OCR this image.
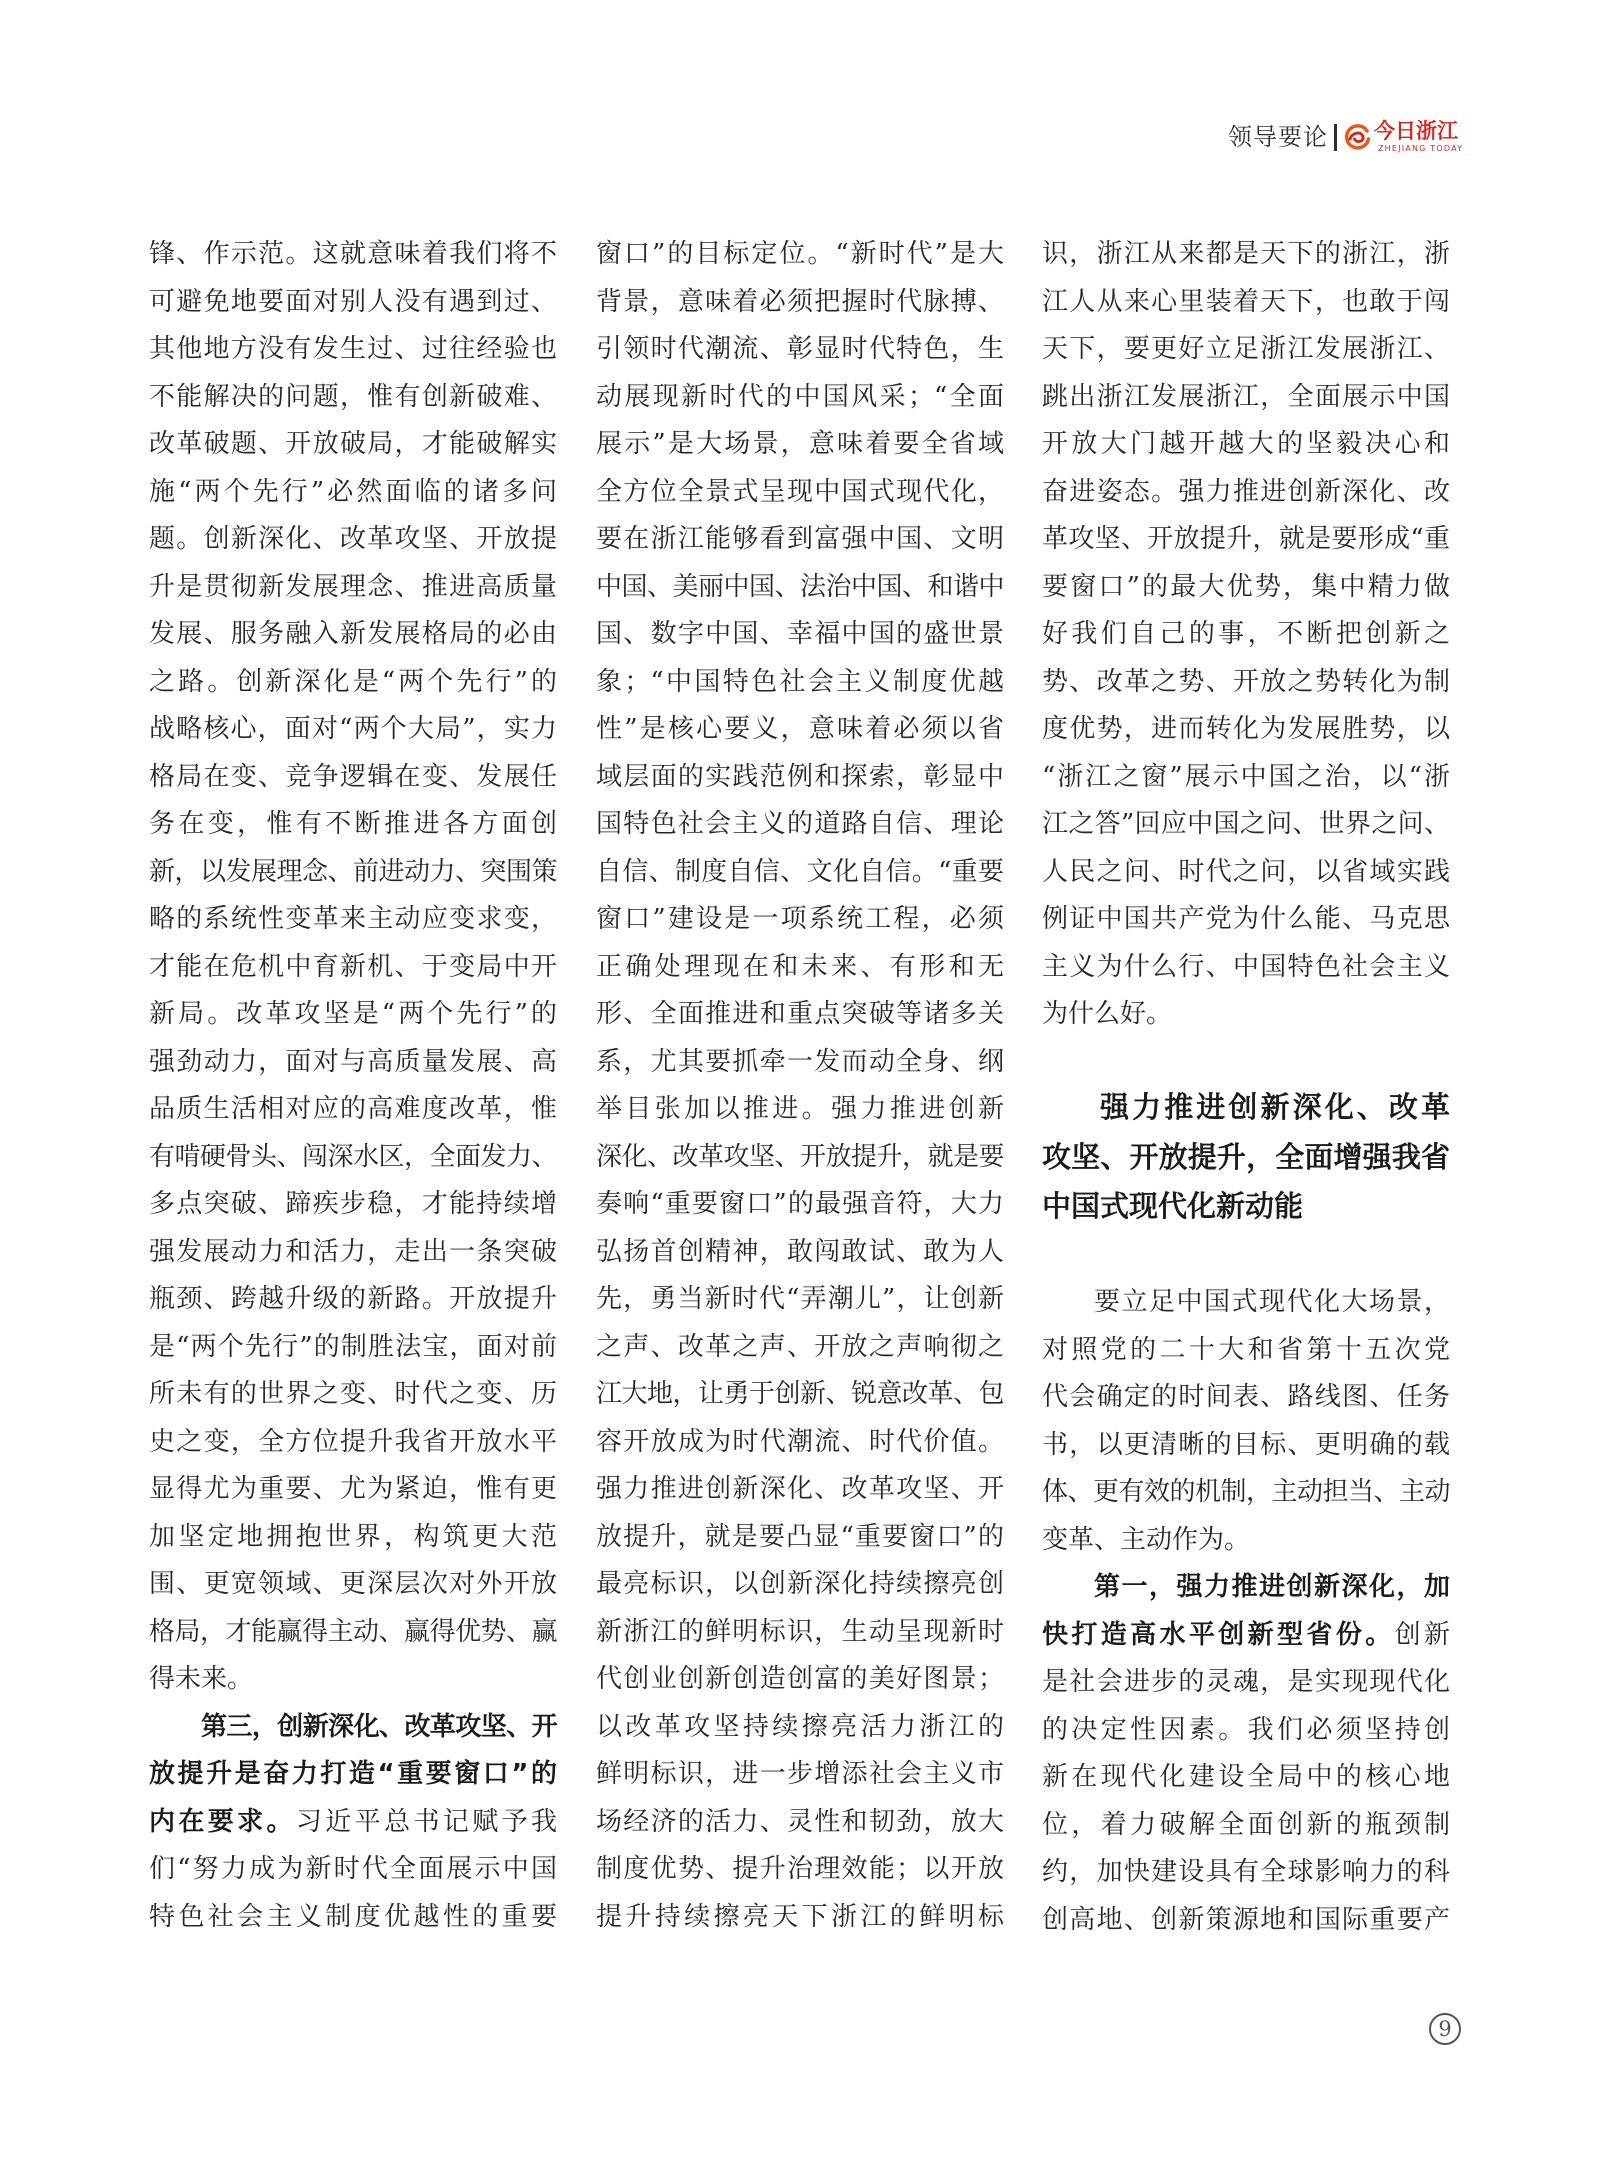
领导要论 今日浙江
ZHEJIANG TODAY
锋、作示范。这就意味着我们将不
可避免地要面对别人没有遇到过、
其他地方没有发生过、过往经验也
不能解决的问题，惟有创新破难、
改革破题、开放破局，才能破解实
施“两个先行”必然面临的诸多问
题。创新深化、改革攻坚、开放提
升是贯彻新发展理念、推进高质量
发展、服务融入新发展格局的必由
之路。创新深化是“两个先行”的
战略核心，面对“两个大局”，实力
格局在变、竞争逻辑在变、发展任
务在变，惟有不断推进各方面创
新，以发展理念、前进动力、突围策
略的系统性变革来主动应变求变，
才能在危机中育新机、于变局中开
新局。改革攻坚是“两个先行”的
强劲动力，面对与高质量发展、高
品质生活相对应的高难度改革，惟
有啃硬骨头、闯深水区，全面发力、
多点突破、蹄疾步稳，才能持续增
强发展动力和活力，走出一条突破
瓶颈、跨越升级的新路。开放提升
是“两个先行”的制胜法宝，面对前
所未有的世界之变、时代之变、历
史之变，全方位提升我省开放水平
显得尤为重要、尤为紧迫，惟有更
加坚定地拥抱世界，构筑更大范
围、更宽领域、更深层次对外开放
格局，才能赢得主动、赢得优势、赢
得未来。
第三，创新深化、改革攻坚、开
放提升是奋力打造“重要窗口”的
内在要求。习近平总书记赋予我
们“努力成为新时代全面展示中国
特色社会主义制度优越性的重要
窗口”的目标定位。“新时代”是大
背景，意味着必须把握时代脉搏、
引领时代潮流、彰显时代特色，生
动展现新时代的中国风采；“全面
展示”是大场景，意味着要全省域
全方位全景式呈现中国式现代化，
要在浙江能够看到富强中国、文明
中国、美丽中国、法治中国、和谐中
国、数字中国、幸福中国的盛世景
象；“中国特色社会主义制度优越
性”是核心要义，意味着必须以省
域层面的实践范例和探索，彰显中
国特色社会主义的道路自信、理论
自信、制度自信、文化自信。“重要
窗口”建设是一项系统工程，必须
正确处理现在和未来、有形和无
形、全面推进和重点突破等诸多关
系，尤其要抓牵一发而动全身、纲
举目张加以推进。强力推进创新
深化、改革攻坚、开放提升，就是要
奏响“重要窗口”的最强音符，大力
弘扬首创精神，敢闯敢试、敢为人
先，勇当新时代“弄潮儿”，让创新
之声、改革之声、开放之声响彻之
江大地，让勇于创新、锐意改革、包
容开放成为时代潮流、时代价值。
强力推进创新深化、改革攻坚、开
放提升，就是要凸显“重要窗口”的
最亮标识，以创新深化持续擦亮创
新浙江的鲜明标识，生动呈现新时
代创业创新创造创富的美好图景；
以改革攻坚持续擦亮活力浙江的
鲜明标识，进一步增添社会主义市
场经济的活力、灵性和韧劲，放大
制度优势、提升治理效能；以开放
提升持续擦亮天下浙江的鲜明标
识，浙江从来都是天下的浙江，浙
江人从来心里装着天下，也敢于闯
天下，要更好立足浙江发展浙江、
跳出浙江发展浙江，全面展示中国
开放大门越开越大的坚毅决心和
奋进姿态。强力推进创新深化、改
革攻坚、开放提升，就是要形成“重
要窗口”的最大优势，集中精力做
好我们自己的事，不断把创新之
势、改革之势、开放之势转化为制
度优势，进而转化为发展胜势，以
“浙江之窗”展示中国之治，以“浙
江之答”回应中国之问、世界之问、
人民之问、时代之问，以省域实践
例证中国共产党为什么能、马克思
主义为什么行、中国特色社会主义
为什么好。
强力推进创新深化、改革
攻坚、开放提升，全面增强我省
中国式现代化新动能
要立足中国式现代化大场景，
对照党的二十大和省第十五次党
代会确定的时间表、路线图、任务
书，以更清晰的目标、更明确的载
体、更有效的机制，主动担当、主动
变革、主动作为。
第一，强力推进创新深化，加
快打造高水平创新型省份。创新
是社会进步的灵魂，是实现现代化
的决定性因素。我们必须坚持创
新在现代化建设全局中的核心地
位，着力破解全面创新的瓶颈制
约，加快建设具有全球影响力的科
创高地、创新策源地和国际重要产
9
